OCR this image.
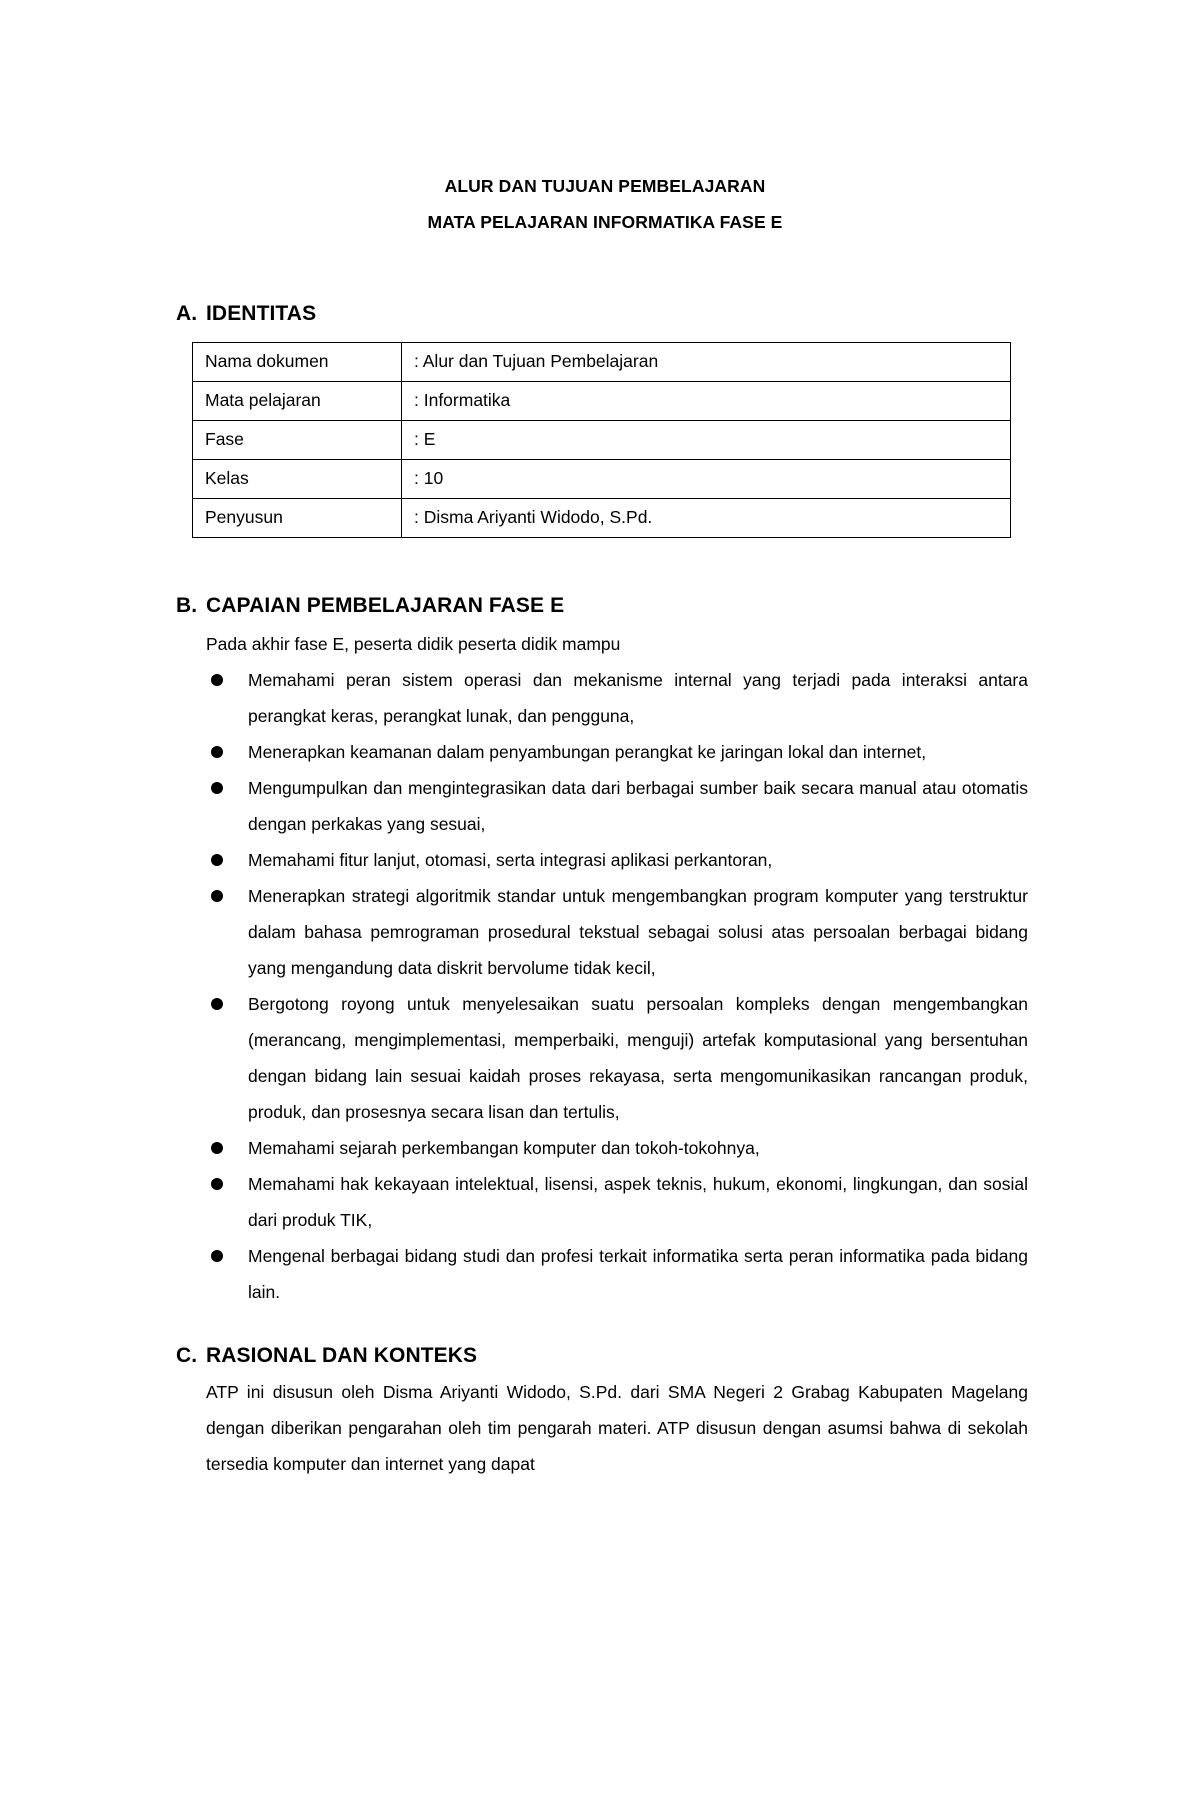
ALUR DAN TUJUAN PEMBELAJARAN
MATA PELAJARAN INFORMATIKA FASE E
A. IDENTITAS
Nama dokumen	: Alur dan Tujuan Pembelajaran
Mata pelajaran	: Informatika
Fase	: E
Kelas	: 10
Penyusun	: Disma Ariyanti Widodo, S.Pd.
B. CAPAIAN PEMBELAJARAN FASE E
Pada akhir fase E, peserta didik peserta didik mampu
Memahami peran sistem operasi dan mekanisme internal yang terjadi pada interaksi antara perangkat keras, perangkat lunak, dan pengguna,
Menerapkan keamanan dalam penyambungan perangkat ke jaringan lokal dan internet,
Mengumpulkan dan mengintegrasikan data dari berbagai sumber baik secara manual atau otomatis dengan perkakas yang sesuai,
Memahami fitur lanjut, otomasi, serta integrasi aplikasi perkantoran,
Menerapkan strategi algoritmik standar untuk mengembangkan program komputer yang terstruktur dalam bahasa pemrograman prosedural tekstual sebagai solusi atas persoalan berbagai bidang yang mengandung data diskrit bervolume tidak kecil,
Bergotong royong untuk menyelesaikan suatu persoalan kompleks dengan mengembangkan (merancang, mengimplementasi, memperbaiki, menguji) artefak komputasional yang bersentuhan dengan bidang lain sesuai kaidah proses rekayasa, serta mengomunikasikan rancangan produk, produk, dan prosesnya secara lisan dan tertulis,
Memahami sejarah perkembangan komputer dan tokoh-tokohnya,
Memahami hak kekayaan intelektual, lisensi, aspek teknis, hukum, ekonomi, lingkungan, dan sosial dari produk TIK,
Mengenal berbagai bidang studi dan profesi terkait informatika serta peran informatika pada bidang lain.
C. RASIONAL DAN KONTEKS
ATP ini disusun oleh Disma Ariyanti Widodo, S.Pd. dari SMA Negeri 2 Grabag Kabupaten Magelang dengan diberikan pengarahan oleh tim pengarah materi. ATP disusun dengan asumsi bahwa di sekolah tersedia komputer dan internet yang dapat
